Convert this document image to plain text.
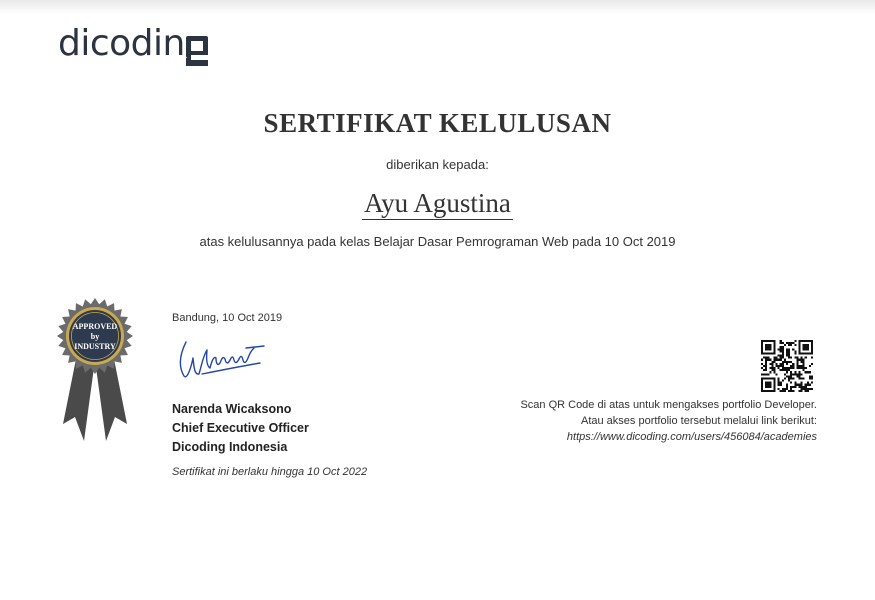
dicodin
SERTIFIKAT KELULUSAN
diberikan kepada:
Ayu Agustina
atas kelulusannya pada kelas Belajar Dasar Pemrograman Web pada 10 Oct 2019
APPROVED
by
INDUSTRY
Bandung, 10 Oct 2019
Narenda Wicaksono
Chief Executive Officer
Dicoding Indonesia
Sertifikat ini berlaku hingga 10 Oct 2022
Scan QR Code di atas untuk mengakses portfolio Developer.
Atau akses portfolio tersebut melalui link berikut:
https://www.dicoding.com/users/456084/academies
